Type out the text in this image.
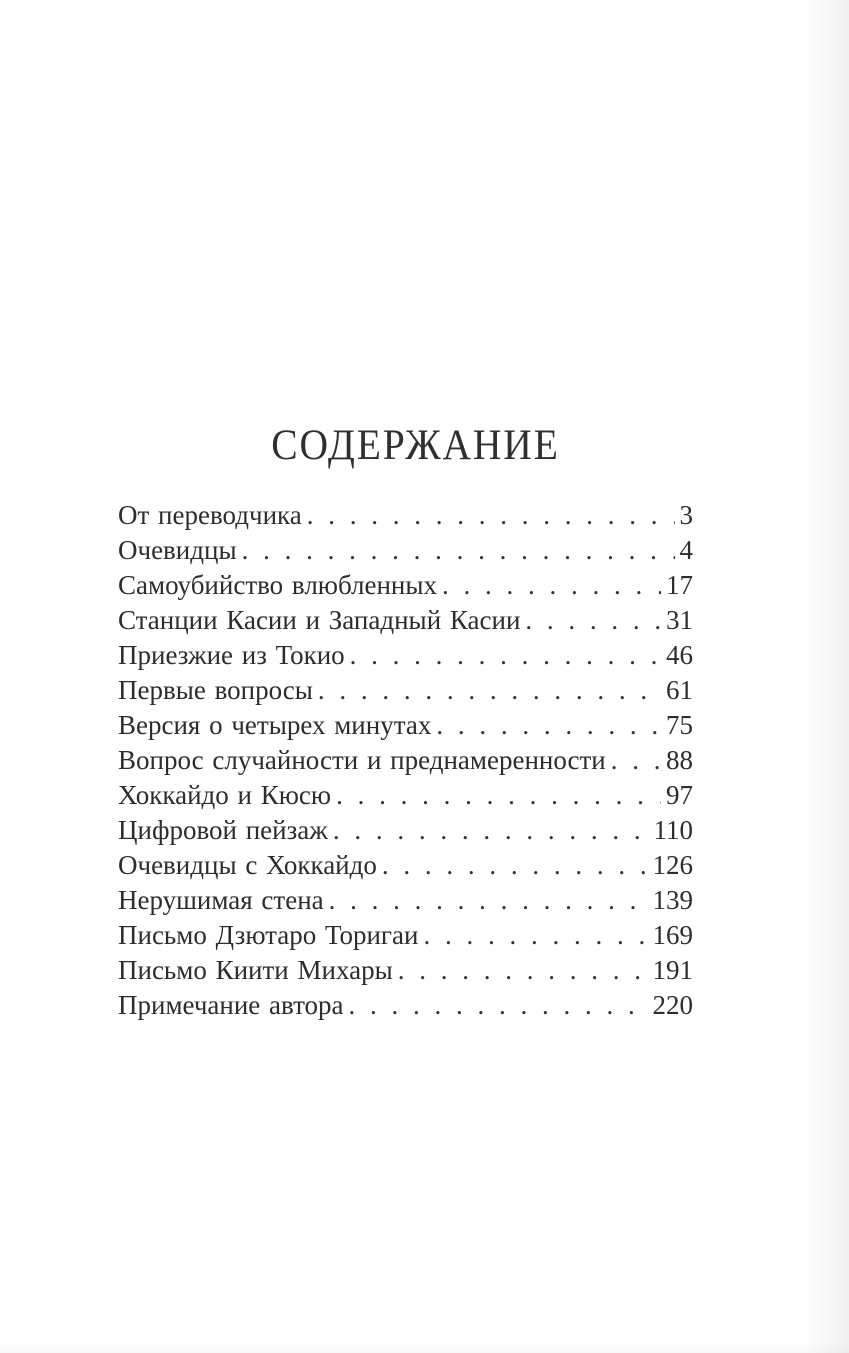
СОДЕРЖАНИЕ
От переводчика . . .	3
Очевидцы . . .	4
Самоубийство влюбленных . . .	17
Станции Касии и Западный Касии . . .	31
Приезжие из Токио . . .	46
Первые вопросы . . .	61
Версия о четырех минутах . . .	75
Вопрос случайности и преднамеренности . . . 88
Хоккайдо и Кюсю . . .	97
Цифровой пейзаж . . .	110
Очевидцы с Хоккайдо . . .	126
Нерушимая стена . . .	139
Письмо Дзютаро Торигаи . . .	169
Письмо Киити Михары . . .	191
Примечание автора . . .	220
